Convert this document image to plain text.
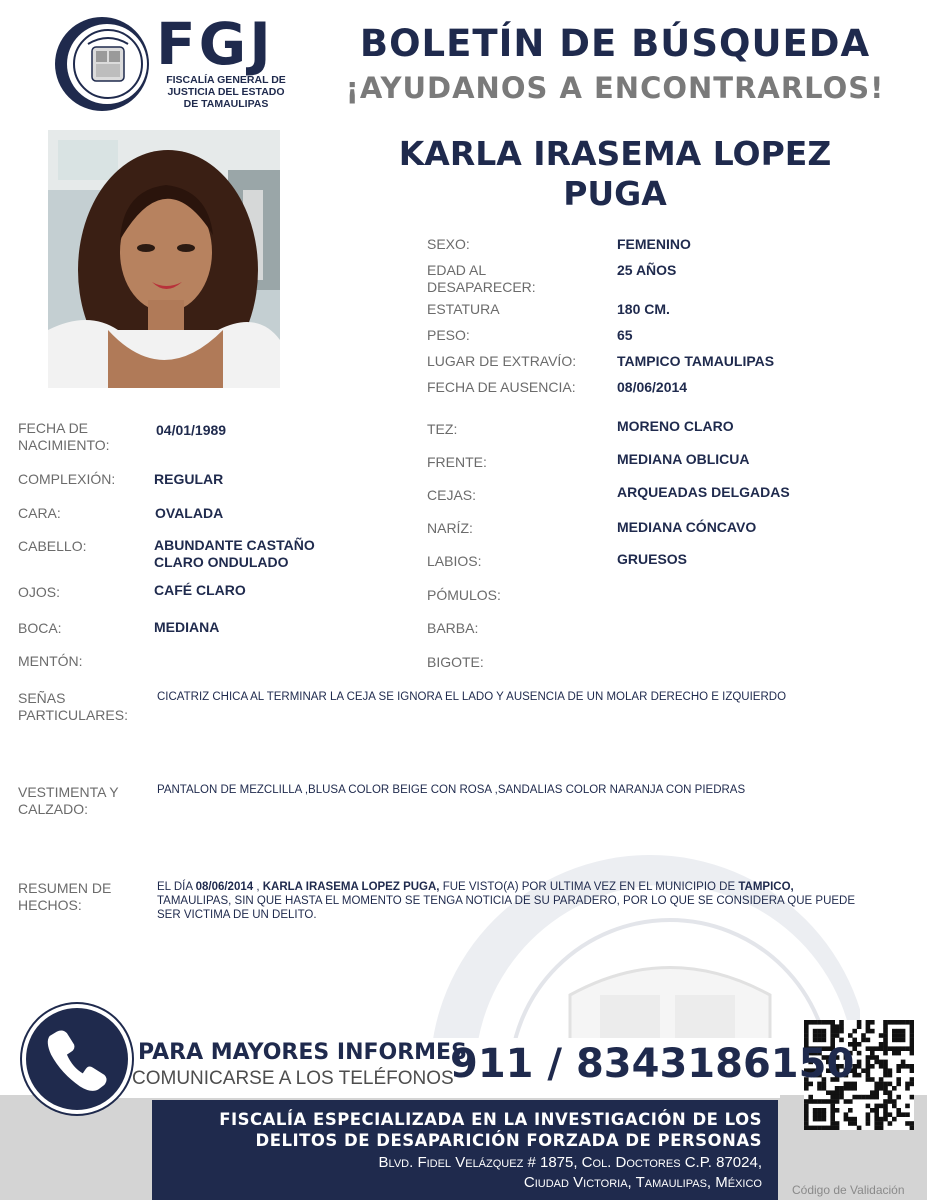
FGJ
FISCALÍA GENERAL DE
JUSTICIA DEL ESTADO
DE TAMAULIPAS
BOLETÍN DE BÚSQUEDA
¡AYUDANOS A ENCONTRARLOS!
KARLA IRASEMA LOPEZ PUGA
SEXO:	FEMENINO
EDAD AL DESAPARECER:
25 AÑOS
ESTATURA	180 CM.
PESO:	65
LUGAR DE EXTRAVÍO:	TAMPICO TAMAULIPAS
FECHA DE AUSENCIA:	08/06/2014
FECHA DE NACIMIENTO:
04/01/1989
COMPLEXIÓN:	REGULAR
CARA:	OVALADA
CABELLO:	ABUNDANTE CASTAÑO CLARO ONDULADO
OJOS:	CAFÉ CLARO
BOCA:	MEDIANA
MENTÓN:
TEZ:	MORENO CLARO
FRENTE:	MEDIANA OBLICUA
CEJAS:	ARQUEADAS DELGADAS
NARÍZ:	MEDIANA CÓNCAVO
LABIOS:	GRUESOS
PÓMULOS:
BARBA:
BIGOTE:
SEÑAS PARTICULARES:
CICATRIZ CHICA AL TERMINAR LA CEJA SE IGNORA EL LADO Y AUSENCIA DE UN MOLAR DERECHO E IZQUIERDO
VESTIMENTA Y CALZADO:
PANTALON DE MEZCLILLA ,BLUSA COLOR BEIGE CON ROSA ,SANDALIAS COLOR NARANJA CON PIEDRAS
RESUMEN DE HECHOS:
EL DÍA 08/06/2014 , KARLA IRASEMA LOPEZ PUGA, FUE VISTO(A) POR ULTIMA VEZ EN EL MUNICIPIO DE TAMPICO, TAMAULIPAS, SIN QUE HASTA EL MOMENTO SE TENGA NOTICIA DE SU PARADERO, POR LO QUE SE CONSIDERA QUE PUEDE SER VICTIMA DE UN DELITO.
PARA MAYORES INFORMES,
COMUNICARSE A LOS TELÉFONOS
911 / 8343186150
FISCALÍA ESPECIALIZADA EN LA INVESTIGACIÓN DE LOS
DELITOS DE DESAPARICIÓN FORZADA DE PERSONAS
Blvd. Fidel Velázquez # 1875, Col. Doctores C.P. 87024,
Ciudad Victoria, Tamaulipas, México	Código de Validación
